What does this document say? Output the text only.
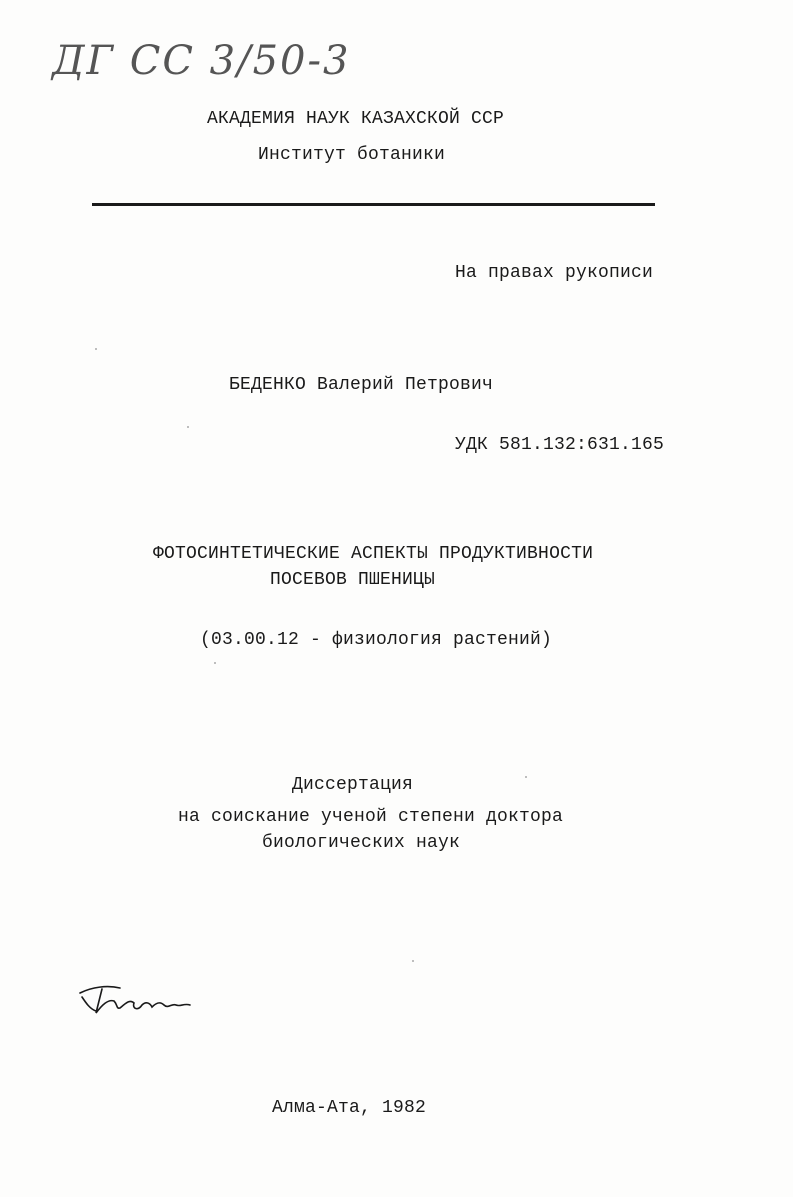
ДГ СС 3/50-3
АКАДЕМИЯ НАУК КАЗАХСКОЙ ССР
Институт ботаники
На правах рукописи
БЕДЕНКО Валерий Петрович
УДК 581.132:631.165
ФОТОСИНТЕТИЧЕСКИЕ АСПЕКТЫ ПРОДУКТИВНОСТИ
ПОСЕВОВ ПШЕНИЦЫ
(03.00.12 - физиология растений)
Диссертация
на соискание ученой степени доктора
биологических наук
Алма-Ата, 1982
